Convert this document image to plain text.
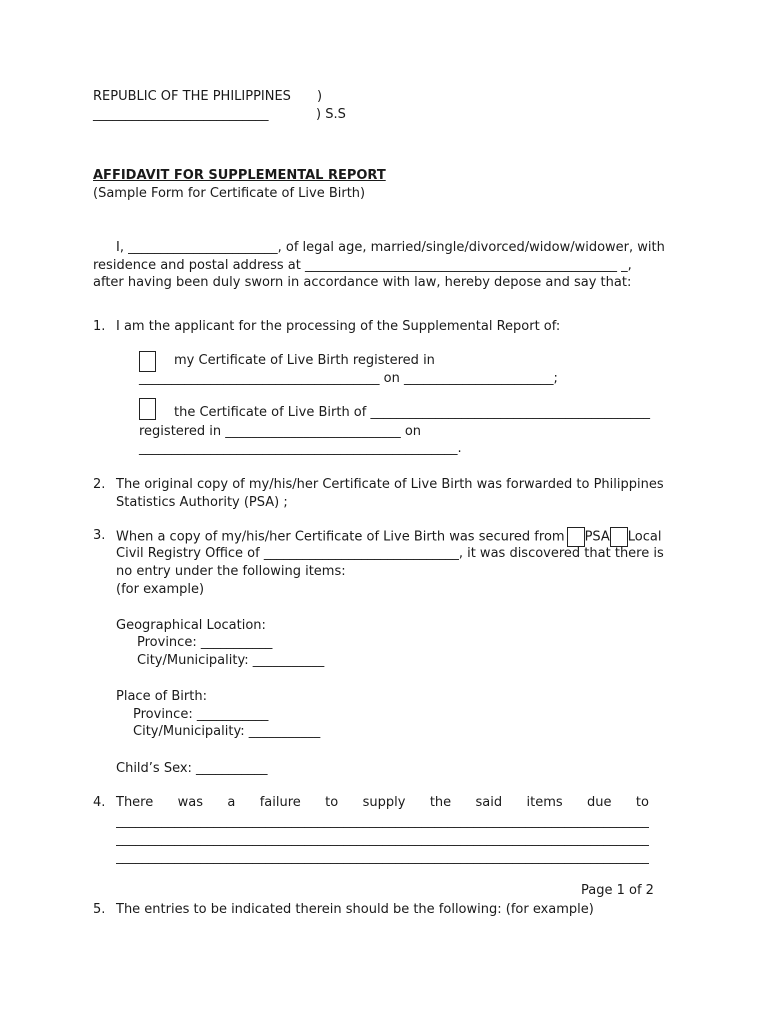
REPUBLIC OF THE PHILIPPINES )
___________________________	) S.S
AFFIDAVIT FOR SUPPLEMENTAL REPORT
(Sample Form for Certificate of Live Birth)
I, _______________________, of legal age, married/single/divorced/widow/widower, with
residence and postal address at ________________________________________________ _,
after having been duly sworn in accordance with law, hereby depose and say that:
1. I am the applicant for the processing of the Supplemental Report of:
my Certificate of Live Birth registered in
_____________________________________ on _______________________;
the Certificate of Live Birth of ___________________________________________
registered in ___________________________ on
_________________________________________________.
2. The original copy of my/his/her Certificate of Live Birth was forwarded to Philippines
Statistics Authority (PSA) ;
3. When a copy of my/his/her Certificate of Live Birth was secured from PSA Local
Civil Registry Office of ______________________________, it was discovered that there is
no entry under the following items:
(for example)
Geographical Location:
Province: ___________
City/Municipality: ___________
Place of Birth:
Province: ___________
City/Municipality: ___________
Child’s Sex: ___________
4. There was a failure to supply the said items due to
__________________________________________________________________________________
__________________________________________________________________________________
__________________________________________________________________________________
Page 1 of 2
5. The entries to be indicated therein should be the following: (for example)
